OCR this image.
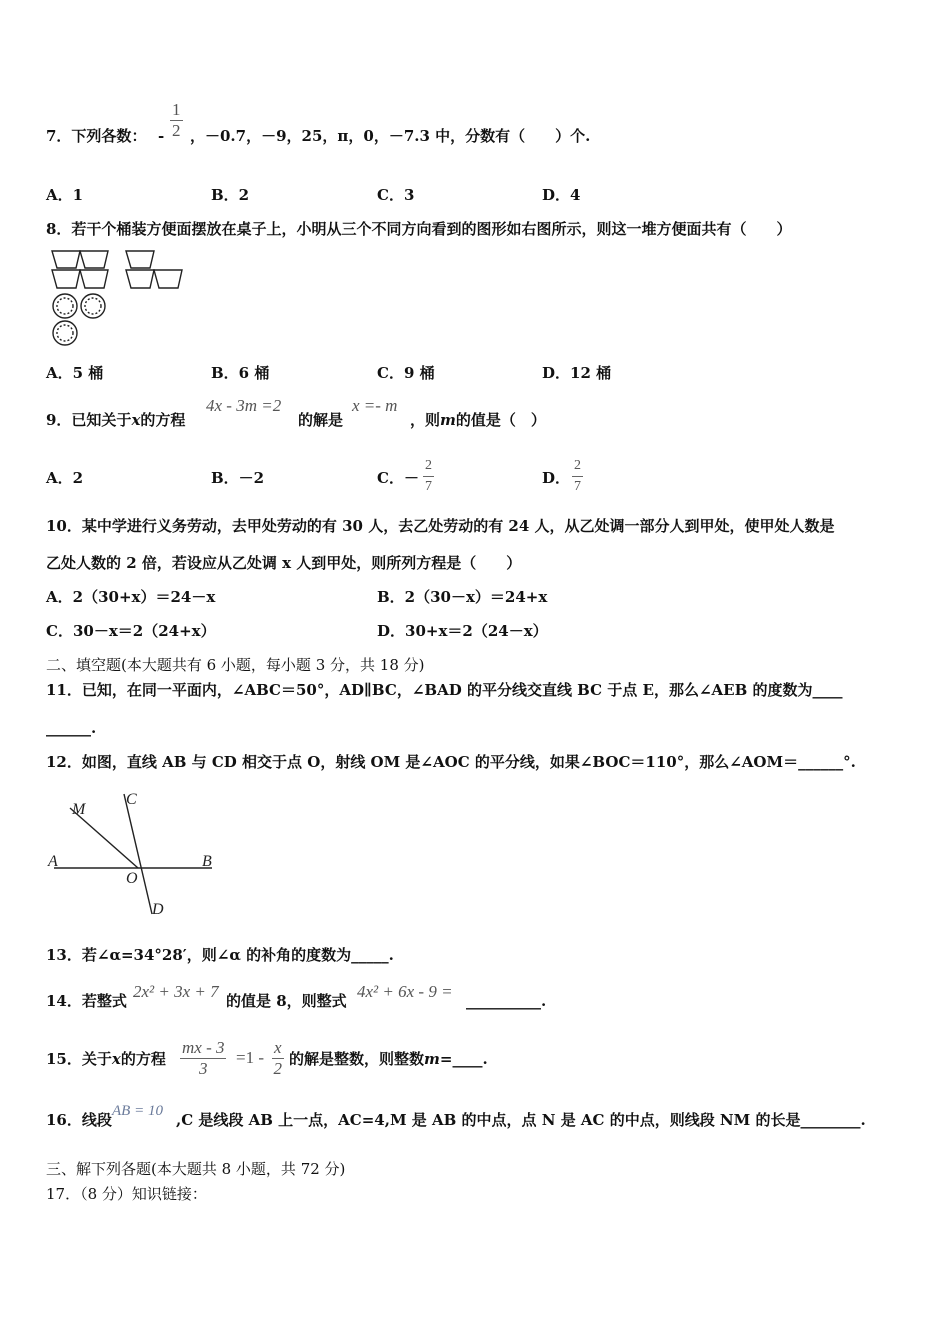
7．下列各数： - $\frac{1}{2}$ ，－0.7，－9，25，π，0，－7.3 中，分数有（　　）个.
A．1	B．2	C．3	D．4
8．若干个桶装方便面摆放在桌子上，小明从三个不同方向看到的图形如右图所示，则这一堆方便面共有（　　）
A．5 桶	B．6 桶	C．9 桶	D．12 桶
9．已知关于x的方程
4x - 3m =2
的解是
x =- m
，则m的值是（　）
A．2	B．－2	C．－ $\frac{2}{7}$	D． $\frac{2}{7}$
10．某中学进行义务劳动，去甲处劳动的有 30 人，去乙处劳动的有 24 人，从乙处调一部分人到甲处，使甲处人数是
乙处人数的 2 倍，若设应从乙处调 x 人到甲处，则所列方程是（　　）
A．2（30+x）＝24－x	B．2（30－x）＝24+x
C．30－x＝2（24+x）	D．30+x＝2（24－x）
二、填空题(本大题共有 6 小题，每小题 3 分，共 18 分)
11．已知，在同一平面内，∠ABC＝50°，AD∥BC，∠BAD 的平分线交直线 BC 于点 E，那么∠AEB 的度数为____
______.
12．如图，直线 AB 与 CD 相交于点 O，射线 OM 是∠AOC 的平分线，如果∠BOC＝110°，那么∠AOM＝______°.
M
C
A
O
B
D
13．若∠α=34°28′，则∠α 的补角的度数为_____.
14．若整式 2x² + 3x + 7 的值是 8，则整式 4x² + 6x - 9 = __________.
15．关于x的方程 $\frac{mx - 3}{3} =1 - \frac{x}{2}$ 的解是整数，则整数m=____.
16．线段 AB = 10 ,C 是线段 AB 上一点，AC=4,M 是 AB 的中点，点 N 是 AC 的中点，则线段 NM 的长是________.
三、解下列各题(本大题共 8 小题，共 72 分)
17．（8 分）知识链接：
